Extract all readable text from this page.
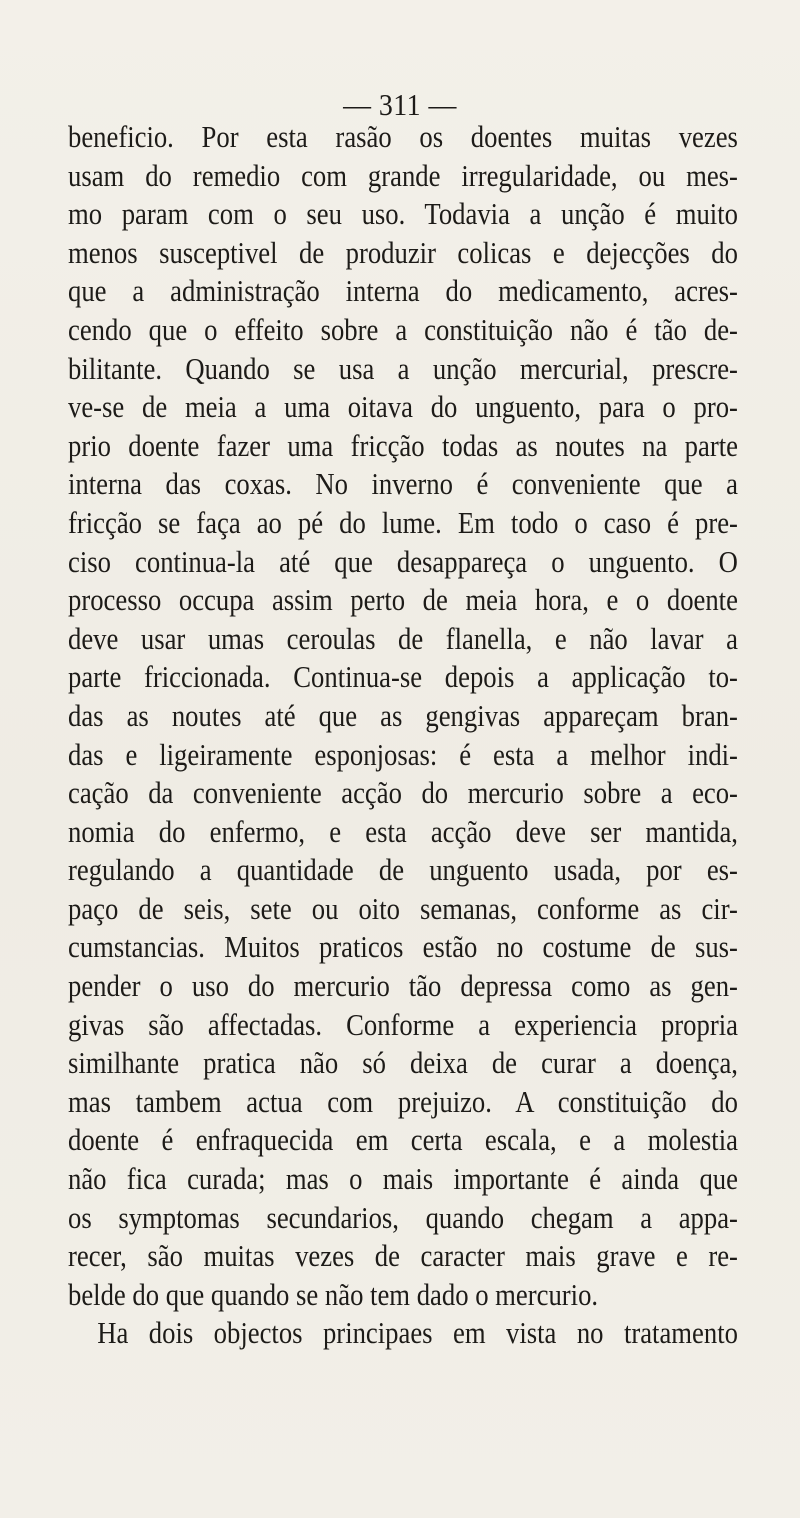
— 311 —
beneficio. Por esta rasão os doentes muitas vezes
usam do remedio com grande irregularidade, ou mes-
mo param com o seu uso. Todavia a unção é muito
menos susceptivel de produzir colicas e dejecções do
que a administração interna do medicamento, acres-
cendo que o effeito sobre a constituição não é tão de-
bilitante. Quando se usa a unção mercurial, prescre-
ve-se de meia a uma oitava do unguento, para o pro-
prio doente fazer uma fricção todas as noutes na parte
interna das coxas. No inverno é conveniente que a
fricção se faça ao pé do lume. Em todo o caso é pre-
ciso continua-la até que desappareça o unguento. O
processo occupa assim perto de meia hora, e o doente
deve usar umas ceroulas de flanella, e não lavar a
parte friccionada. Continua-se depois a applicação to-
das as noutes até que as gengivas appareçam bran-
das e ligeiramente esponjosas: é esta a melhor indi-
cação da conveniente acção do mercurio sobre a eco-
nomia do enfermo, e esta acção deve ser mantida,
regulando a quantidade de unguento usada, por es-
paço de seis, sete ou oito semanas, conforme as cir-
cumstancias. Muitos praticos estão no costume de sus-
pender o uso do mercurio tão depressa como as gen-
givas são affectadas. Conforme a experiencia propria
similhante pratica não só deixa de curar a doença,
mas tambem actua com prejuizo. A constituição do
doente é enfraquecida em certa escala, e a molestia
não fica curada; mas o mais importante é ainda que
os symptomas secundarios, quando chegam a appa-
recer, são muitas vezes de caracter mais grave e re-
belde do que quando se não tem dado o mercurio.
Ha dois objectos principaes em vista no tratamento
